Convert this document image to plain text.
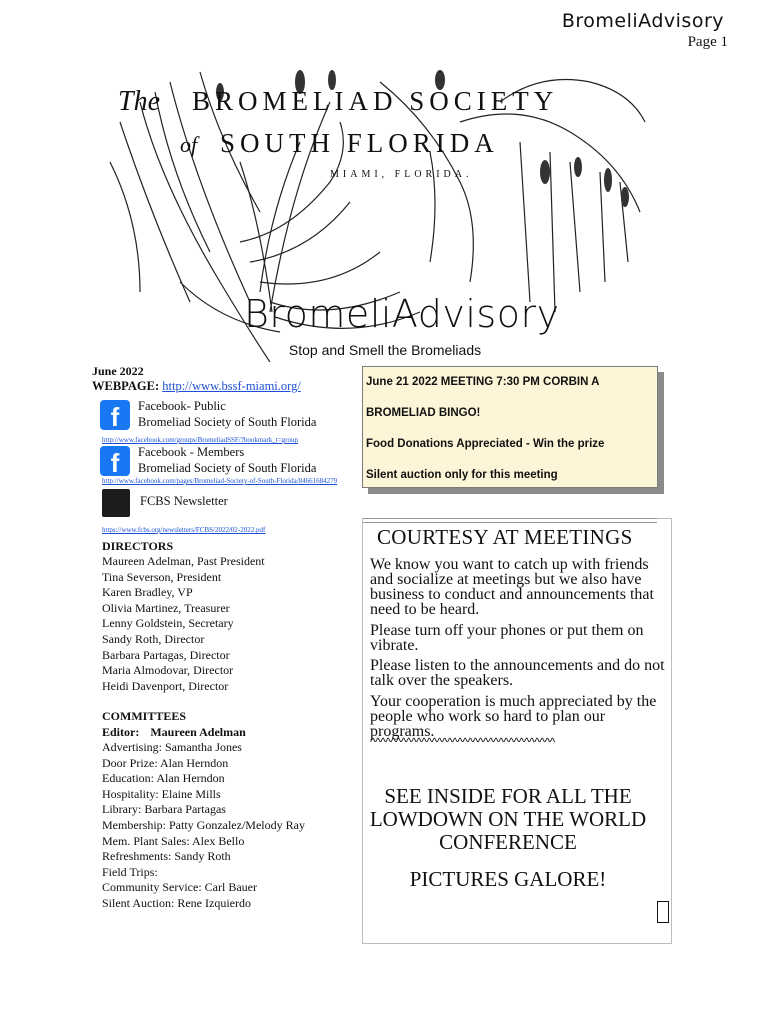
BromeliAdvisory
Page 1
The BROMELIAD SOCIETY
of SOUTH FLORIDA
MIAMI, FLORIDA.
BromeliAdvisory
Stop and Smell the Bromeliads
June 2022
WEBPAGE: http://www.bssf-miami.org/
f	Facebook- Public
Bromeliad Society of South Florida
http://www.facebook.com/groups/BromeliadSSF/?bookmark_t=group
f	Facebook - Members
Bromeliad Society of South Florida
http://www.facebook.com/pages/Bromeliad-Society-of-South-Florida/84661684279
FCBS Newsletter
https://www.fcbs.org/newsletters/FCBS/2022/02-2022.pdf
DIRECTORS
Maureen Adelman, Past President
Tina Severson, President
Karen Bradley, VP
Olivia Martinez, Treasurer
Lenny Goldstein, Secretary
Sandy Roth, Director
Barbara Partagas, Director
Maria Almodovar, Director
Heidi Davenport, Director
COMMITTEES
Editor: Maureen Adelman
Advertising: Samantha Jones
Door Prize: Alan Herndon
Education: Alan Herndon
Hospitality: Elaine Mills
Library: Barbara Partagas
Membership: Patty Gonzalez/Melody Ray
Mem. Plant Sales: Alex Bello
Refreshments: Sandy Roth
Field Trips:
Community Service: Carl Bauer
Silent Auction: Rene Izquierdo
June 21 2022 MEETING 7:30 PM CORBIN A
BROMELIAD BINGO!
Food Donations Appreciated - Win the prize
Silent auction only for this meeting
COURTESY AT MEETINGS
We know you want to catch up with friends and socialize at meetings but we also have business to conduct and announcements that need to be heard.
Please turn off your phones or put them on vibrate.
Please listen to the announcements and do not talk over the speakers.
Your cooperation is much appreciated by the people who work so hard to plan our programs.
^^^^^^^^^^^^^^^^^^^^^^^^^^^^^^^^^^^^
SEE INSIDE FOR ALL THE LOWDOWN ON THE WORLD CONFERENCE
PICTURES GALORE!
